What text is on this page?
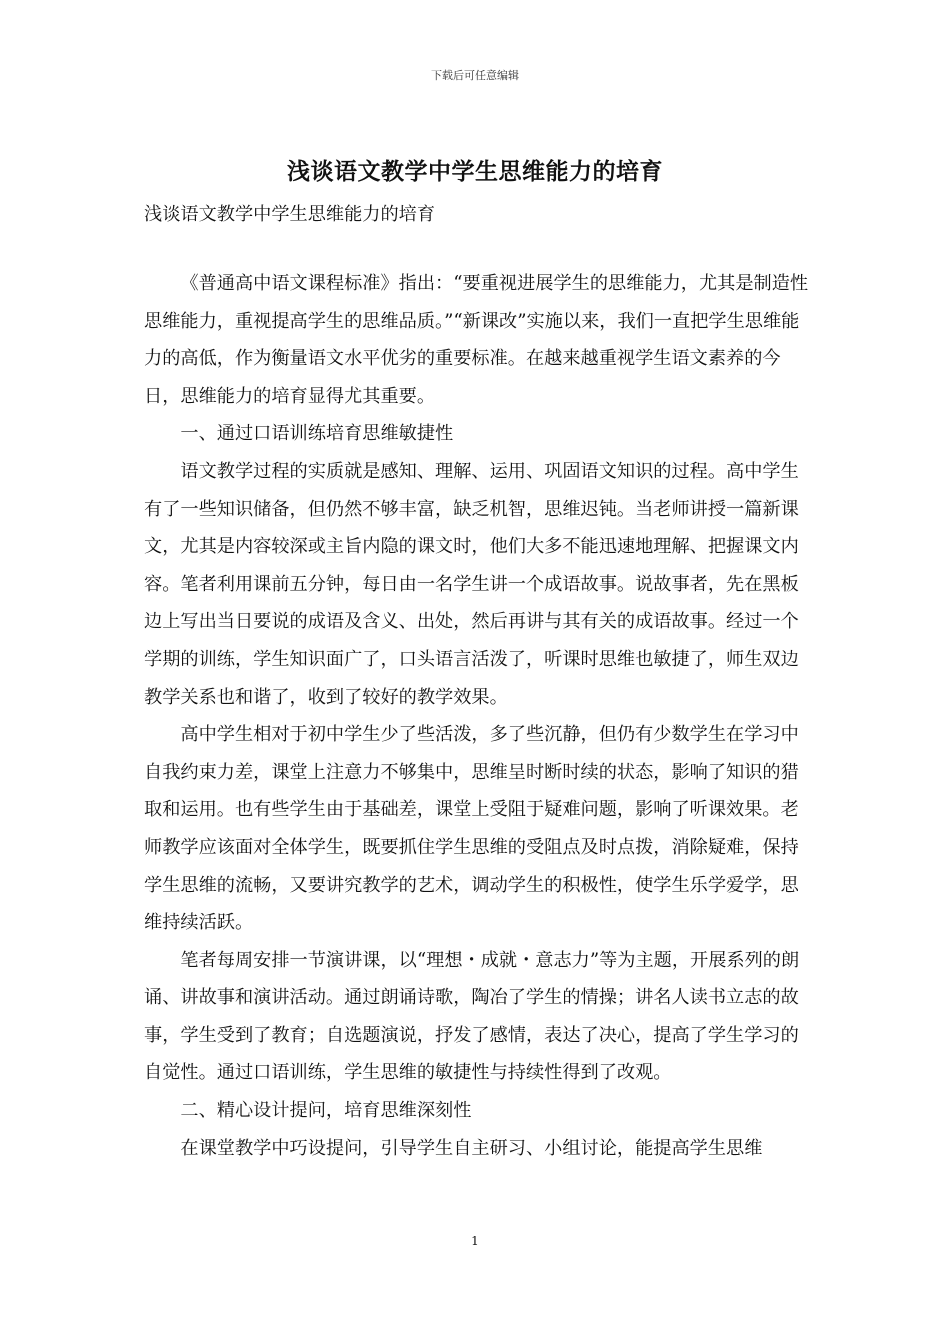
下载后可任意编辑
浅谈语文教学中学生思维能力的培育
浅谈语文教学中学生思维能力的培育

《普通高中语文课程标准》指出：“要重视进展学生的思维能力，尤其是制造性思维能力，重视提高学生的思维品质。”“新课改”实施以来，我们一直把学生思维能力的高低，作为衡量语文水平优劣的重要标准。在越来越重视学生语文素养的今日，思维能力的培育显得尤其重要。

一、通过口语训练培育思维敏捷性

语文教学过程的实质就是感知、理解、运用、巩固语文知识的过程。高中学生有了一些知识储备，但仍然不够丰富，缺乏机智，思维迟钝。当老师讲授一篇新课文，尤其是内容较深或主旨内隐的课文时，他们大多不能迅速地理解、把握课文内容。笔者利用课前五分钟，每日由一名学生讲一个成语故事。说故事者，先在黑板边上写出当日要说的成语及含义、出处，然后再讲与其有关的成语故事。经过一个学期的训练，学生知识面广了，口头语言活泼了，听课时思维也敏捷了，师生双边教学关系也和谐了，收到了较好的教学效果。

高中学生相对于初中学生少了些活泼，多了些沉静，但仍有少数学生在学习中自我约束力差，课堂上注意力不够集中，思维呈时断时续的状态，影响了知识的猎取和运用。也有些学生由于基础差，课堂上受阻于疑难问题，影响了听课效果。老师教学应该面对全体学生，既要抓住学生思维的受阻点及时点拨，消除疑难，保持学生思维的流畅，又要讲究教学的艺术，调动学生的积极性，使学生乐学爱学，思维持续活跃。

笔者每周安排一节演讲课，以“理想・成就・意志力”等为主题，开展系列的朗诵、讲故事和演讲活动。通过朗诵诗歌，陶冶了学生的情操；讲名人读书立志的故事，学生受到了教育；自选题演说，抒发了感情，表达了决心，提高了学生学习的自觉性。通过口语训练，学生思维的敏捷性与持续性得到了改观。

二、精心设计提问，培育思维深刻性

在课堂教学中巧设提问，引导学生自主研习、小组讨论，能提高学生思维

1
